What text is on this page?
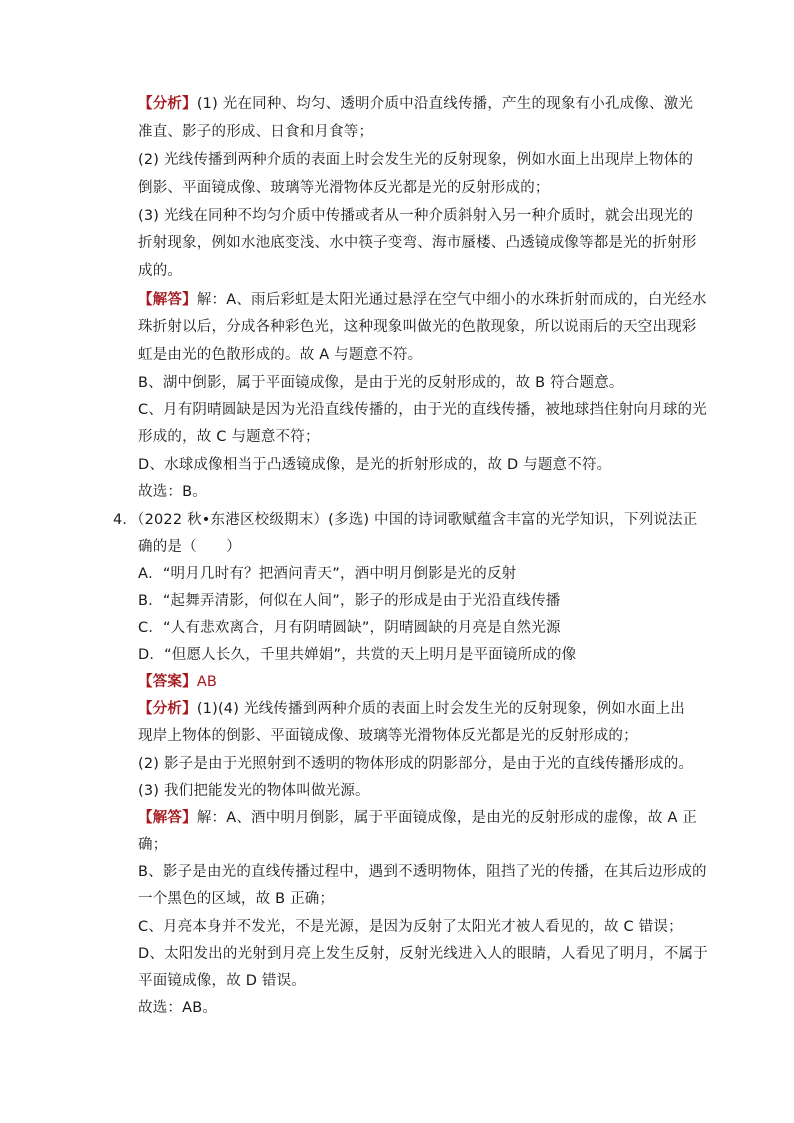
【分析】(1) 光在同种、均匀、透明介质中沿直线传播，产生的现象有小孔成像、激光
准直、影子的形成、日食和月食等；
(2) 光线传播到两种介质的表面上时会发生光的反射现象，例如水面上出现岸上物体的
倒影、平面镜成像、玻璃等光滑物体反光都是光的反射形成的；
(3) 光线在同种不均匀介质中传播或者从一种介质斜射入另一种介质时，就会出现光的
折射现象，例如水池底变浅、水中筷子变弯、海市蜃楼、凸透镜成像等都是光的折射形
成的。
【解答】解：A、雨后彩虹是太阳光通过悬浮在空气中细小的水珠折射而成的，白光经水
珠折射以后，分成各种彩色光，这种现象叫做光的色散现象，所以说雨后的天空出现彩
虹是由光的色散形成的。故 A 与题意不符。
B、湖中倒影，属于平面镜成像，是由于光的反射形成的，故 B 符合题意。
C、月有阴晴圆缺是因为光沿直线传播的，由于光的直线传播，被地球挡住射向月球的光
形成的，故 C 与题意不符；
D、水球成像相当于凸透镜成像，是光的折射形成的，故 D 与题意不符。
故选：B。
4．（2022 秋•东港区校级期末）(多选) 中国的诗词歌赋蕴含丰富的光学知识，下列说法正
确的是（　　）
A．“明月几时有？把酒问青天”，酒中明月倒影是光的反射
B．“起舞弄清影，何似在人间”，影子的形成是由于光沿直线传播
C．“人有悲欢离合，月有阴晴圆缺”，阴晴圆缺的月亮是自然光源
D．“但愿人长久，千里共婵娟”，共赏的天上明月是平面镜所成的像
【答案】AB
【分析】(1)(4) 光线传播到两种介质的表面上时会发生光的反射现象，例如水面上出
现岸上物体的倒影、平面镜成像、玻璃等光滑物体反光都是光的反射形成的；
(2) 影子是由于光照射到不透明的物体形成的阴影部分，是由于光的直线传播形成的。
(3) 我们把能发光的物体叫做光源。
【解答】解：A、酒中明月倒影，属于平面镜成像，是由光的反射形成的虚像，故 A 正
确；
B、影子是由光的直线传播过程中，遇到不透明物体，阻挡了光的传播，在其后边形成的
一个黑色的区域，故 B 正确；
C、月亮本身并不发光，不是光源，是因为反射了太阳光才被人看见的，故 C 错误；
D、太阳发出的光射到月亮上发生反射，反射光线进入人的眼睛，人看见了明月，不属于
平面镜成像，故 D 错误。
故选：AB。
